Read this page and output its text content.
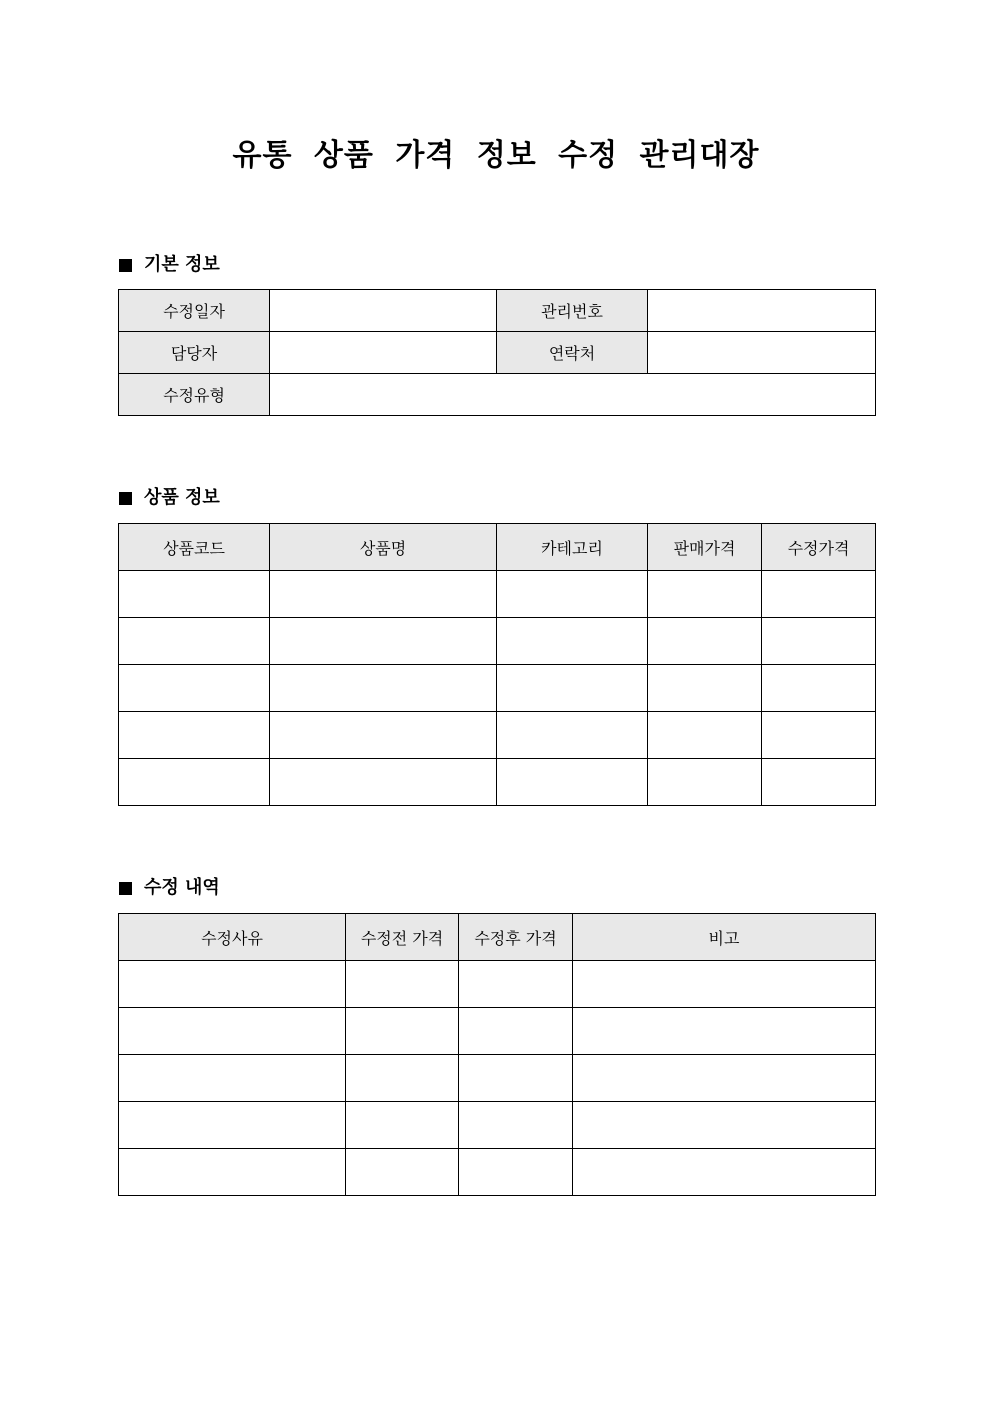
유통 상품 가격 정보 수정 관리대장
기본 정보
수정일자		관리번호	
담당자		연락처	
수정유형			
상품 정보
상품코드	상품명	카테고리	판매가격	수정가격

수정 내역
수정사유	수정전 가격	수정후 가격	비고
